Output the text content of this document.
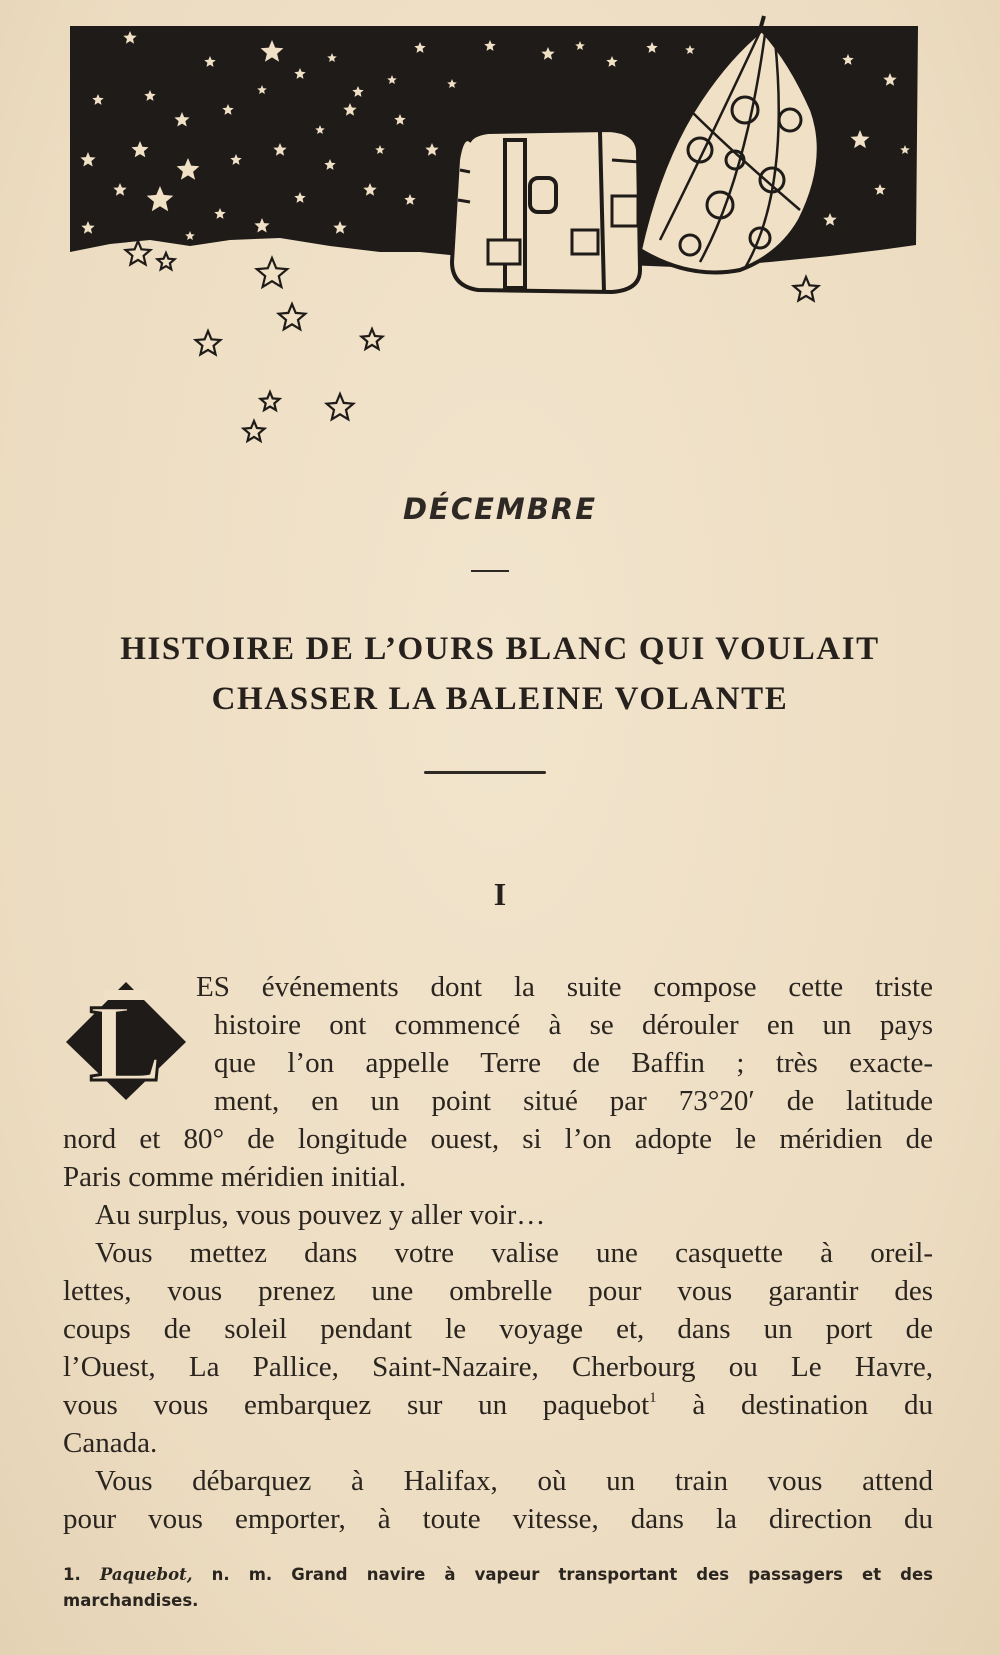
DÉCEMBRE
HISTOIRE DE L’OURS BLANC QUI VOULAIT
CHASSER LA BALEINE VOLANTE
I
L	ES événements dont la suite compose cette triste
histoire ont commencé à se dérouler en un pays
que l’on appelle Terre de Baffin ; très exacte-
ment, en un point situé par 73°20′ de latitude
nord et 80° de longitude ouest, si l’on adopte le méridien de
Paris comme méridien initial.
Au surplus, vous pouvez y aller voir…
Vous mettez dans votre valise une casquette à oreil-
lettes, vous prenez une ombrelle pour vous garantir des
coups de soleil pendant le voyage et, dans un port de
l’Ouest, La Pallice, Saint-Nazaire, Cherbourg ou Le Havre,
vous vous embarquez sur un paquebot$^1$ à destination du
Canada.
Vous débarquez à Halifax, où un train vous attend
pour vous emporter, à toute vitesse, dans la direction du
1. Paquebot, n. m. Grand navire à vapeur transportant des passagers et des
marchandises.
